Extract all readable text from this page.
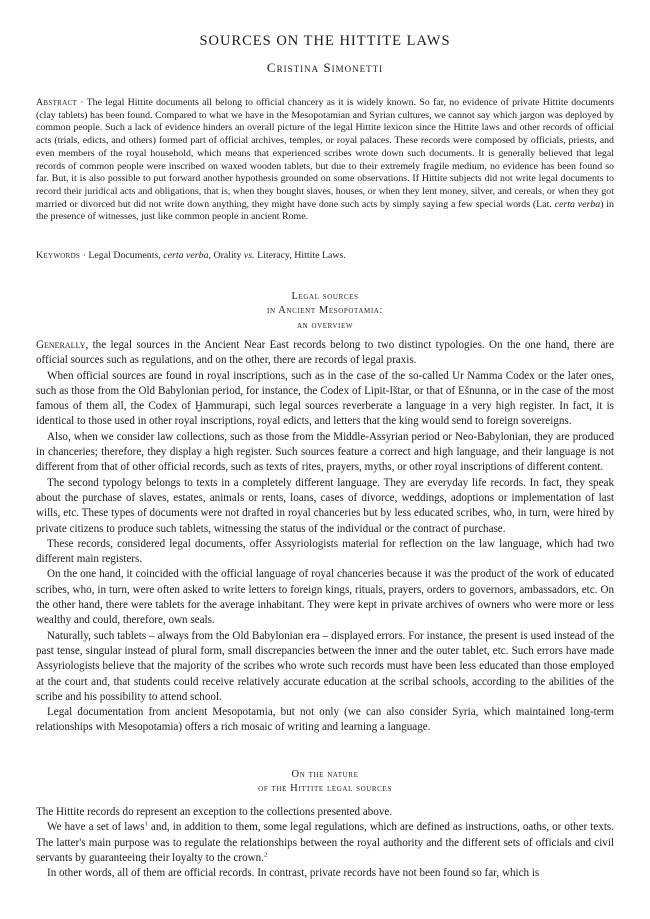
SOURCES ON THE HITTITE LAWS
Cristina Simonetti

Abstract · The legal Hittite documents all belong to official chancery as it is widely known. So far, no evidence of private Hittite documents (clay tablets) has been found. Compared to what we have in the Mesopotamian and Syrian cultures, we cannot say which jargon was deployed by common people. Such a lack of evidence hinders an overall picture of the legal Hittite lexicon since the Hittite laws and other records of official acts (trials, edicts, and others) formed part of official archives, temples, or royal palaces. These records were composed by officials, priests, and even members of the royal household, which means that experienced scribes wrote down such documents. It is generally believed that legal records of common people were inscribed on waxed wooden tablets, but due to their extremely fragile medium, no evidence has been found so far. But, it is also possible to put forward another hypothesis grounded on some observations. If Hittite subjects did not write legal documents to record their juridical acts and obligations, that is, when they bought slaves, houses, or when they lent money, silver, and cereals, or when they got married or divorced but did not write down anything, they might have done such acts by simply saying a few special words (Lat. certa verba) in the presence of witnesses, just like common people in ancient Rome.

Keywords · Legal Documents, certa verba, Orality vs. Literacy, Hittite Laws.

Legal sources
in Ancient Mesopotamia:
an overview

Generally, the legal sources in the Ancient Near East records belong to two distinct typologies. On the one hand, there are official sources such as regulations, and on the other, there are records of legal praxis.

When official sources are found in royal inscriptions, such as in the case of the so-called Ur Namma Codex or the later ones, such as those from the Old Babylonian period, for instance, the Codex of Lipit-Ištar, or that of Ešnunna, or in the case of the most famous of them all, the Codex of Ḫammurapi, such legal sources reverberate a language in a very high register. In fact, it is identical to those used in other royal inscriptions, royal edicts, and letters that the king would send to foreign sovereigns.

Also, when we consider law collections, such as those from the Middle-Assyrian period or Neo-Babylonian, they are produced in chanceries; therefore, they display a high register. Such sources feature a correct and high language, and their language is not different from that of other official records, such as texts of rites, prayers, myths, or other royal inscriptions of different content.

The second typology belongs to texts in a completely different language. They are everyday life records. In fact, they speak about the purchase of slaves, estates, animals or rents, loans, cases of divorce, weddings, adoptions or implementation of last wills, etc. These types of documents were not drafted in royal chanceries but by less educated scribes, who, in turn, were hired by private citizens to produce such tablets, witnessing the status of the individual or the contract of purchase.

These records, considered legal documents, offer Assyriologists material for reflection on the law language, which had two different main registers.

On the one hand, it coincided with the official language of royal chanceries because it was the product of the work of educated scribes, who, in turn, were often asked to write letters to foreign kings, rituals, prayers, orders to governors, ambassadors, etc. On the other hand, there were tablets for the average inhabitant. They were kept in private archives of owners who were more or less wealthy and could, therefore, own seals.

Naturally, such tablets – always from the Old Babylonian era – displayed errors. For instance, the present is used instead of the past tense, singular instead of plural form, small discrepancies between the inner and the outer tablet, etc. Such errors have made Assyriologists believe that the majority of the scribes who wrote such records must have been less educated than those employed at the court and, that students could receive relatively accurate education at the scribal schools, according to the abilities of the scribe and his possibility to attend school.

Legal documentation from ancient Mesopotamia, but not only (we can also consider Syria, which maintained long-term relationships with Mesopotamia) offers a rich mosaic of writing and learning a language.

On the nature
of the Hittite legal sources

The Hittite records do represent an exception to the collections presented above.

We have a set of laws$^1$ and, in addition to them, some legal regulations, which are defined as instructions, oaths, or other texts. The latter's main purpose was to regulate the relationships between the royal authority and the different sets of officials and civil servants by guaranteeing their loyalty to the crown.$^2$

In other words, all of them are official records. In contrast, private records have not been found so far, which is
